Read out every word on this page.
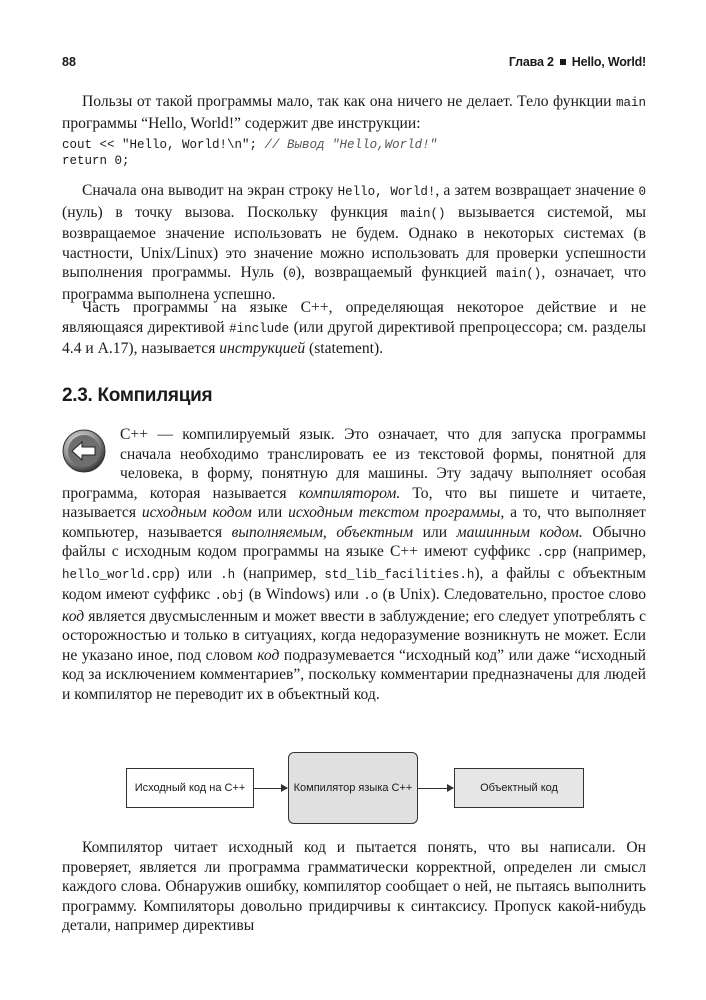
88	Глава 2 Hello, World!

Пользы от такой программы мало, так как она ничего не делает. Тело функции main программы “Hello, World!” содержит две инструкции:

cout << "Hello, World!\n"; // Вывод "Hello,World!"
return 0;

Сначала она выводит на экран строку Hello, World!, а затем возвращает значение 0 (нуль) в точку вызова. Поскольку функция main() вызывается системой, мы возвращаемое значение использовать не будем. Однако в некоторых системах (в частности, Unix/Linux) это значение можно использовать для проверки успешности выполнения программы. Нуль (0), возвращаемый функцией main(), означает, что программа выполнена успешно.

Часть программы на языке С++, определяющая некоторое действие и не являющаяся директивой #include (или другой директивой препроцессора; см. разделы 4.4 и А.17), называется инструкцией (statement).

2.3. Компиляция

С++ — компилируемый язык. Это означает, что для запуска программы сначала необходимо транслировать ее из текстовой формы, понятной для человека, в форму, понятную для машины. Эту задачу выполняет особая программа, которая называется компилятором. То, что вы пишете и читаете, называется исходным кодом или исходным текстом программы, а то, что выполняет компьютер, называется выполняемым, объектным или машинным кодом. Обычно файлы с исходным кодом программы на языке С++ имеют суффикс .cpp (например, hello_world.cpp) или .h (например, std_lib_facilities.h), а файлы с объектным кодом имеют суффикс .obj (в Windows) или .o (в Unix). Следовательно, простое слово код является двусмысленным и может ввести в заблуждение; его следует употреблять с осторожностью и только в ситуациях, когда недоразумение возникнуть не может. Если не указано иное, под словом код подразумевается “исходный код” или даже “исходный код за исключением комментариев”, поскольку комментарии предназначены для людей и компилятор не переводит их в объектный код.

Исходный код на С++	Компилятор языка С++	Объектный код

Компилятор читает исходный код и пытается понять, что вы написали. Он проверяет, является ли программа грамматически корректной, определен ли смысл каждого слова. Обнаружив ошибку, компилятор сообщает о ней, не пытаясь выполнить программу. Компиляторы довольно придирчивы к синтаксису. Пропуск какой-нибудь детали, например директивы
